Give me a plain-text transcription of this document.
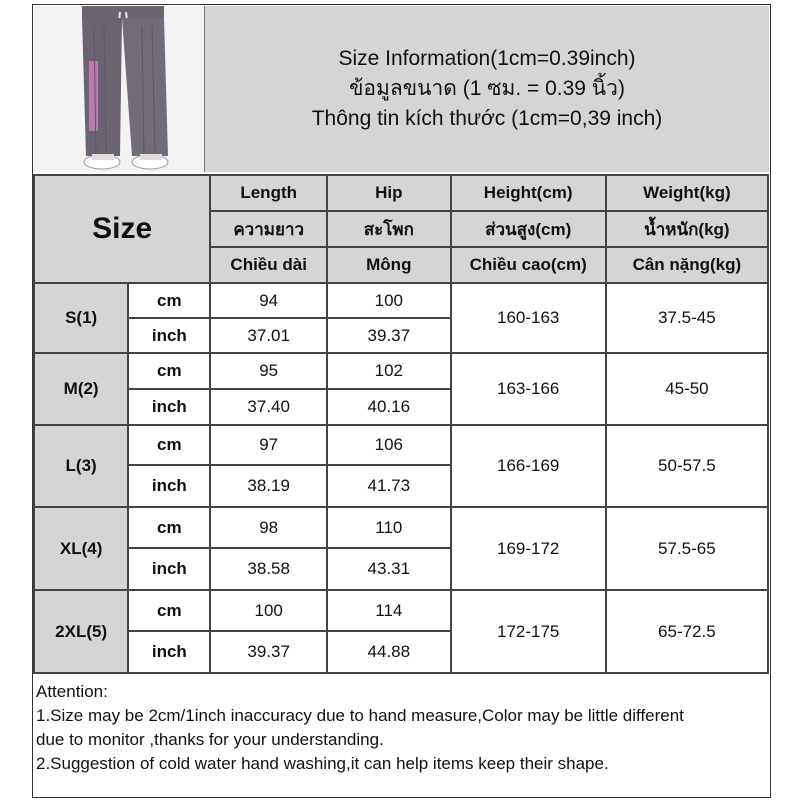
Size Information(1cm=0.39inch)
ข้อมูลขนาด (1 ซม. = 0.39 นิ้ว)
Thông tin kích thước (1cm=0,39 inch)
Size		Length	Hip	Height(cm)	Weight(kg)
		ความยาว	สะโพก	ส่วนสูง(cm)	น้ำหนัก(kg)
		Chiều dài	Mông	Chiều cao(cm)	Cân nặng(kg)
S(1)	cm	94	100	160-163	37.5-45
	inch	37.01	39.37		
M(2)	cm	95	102	163-166	45-50
	inch	37.40	40.16		
L(3)	cm	97	106	166-169	50-57.5
	inch	38.19	41.73		
XL(4)	cm	98	110	169-172	57.5-65
	inch	38.58	43.31		
2XL(5)	cm	100	114	172-175	65-72.5
	inch	39.37	44.88		

Attention:

1.Size may be 2cm/1inch inaccuracy due to hand measure,Color may be little different

due to monitor ,thanks for your understanding.

2.Suggestion of cold water hand washing,it can help items keep their shape.
